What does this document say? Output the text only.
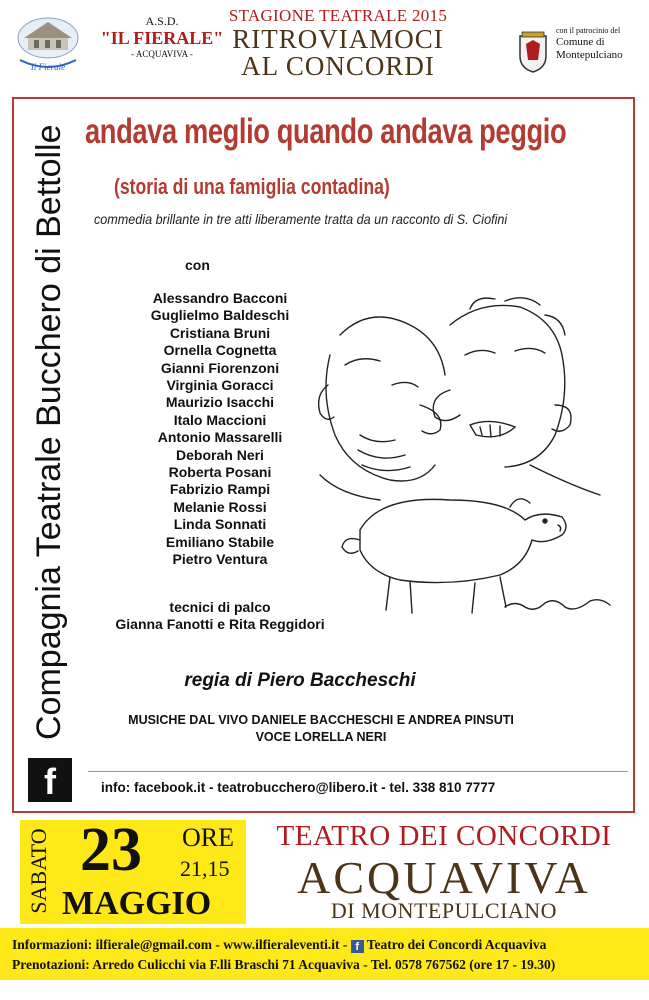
Il Fierale
A.S.D.
"IL FIERALE"
- ACQUAVIVA -
STAGIONE TEATRALE 2015
RITROVIAMOCI
AL CONCORDI
con il patrocinio del
Comune di
Montepulciano
Compagnia Teatrale Bucchero di Bettolle
f
andava meglio quando andava peggio
(storia di una famiglia contadina)
commedia brillante in tre atti liberamente tratta da un racconto di S. Ciofini
con
Alessandro Bacconi
Guglielmo Baldeschi
Cristiana Bruni
Ornella Cognetta
Gianni Fiorenzoni
Virginia Goracci
Maurizio Isacchi
Italo Maccioni
Antonio Massarelli
Deborah Neri
Roberta Posani
Fabrizio Rampi
Melanie Rossi
Linda Sonnati
Emiliano Stabile
Pietro Ventura
tecnici di palco
Gianna Fanotti e Rita Reggidori
regia di Piero Baccheschi
MUSICHE DAL VIVO DANIELE BACCHESCHI E ANDREA PINSUTI
VOCE LORELLA NERI
info: facebook.it - teatrobucchero@libero.it - tel. 338 810 7777
SABATO 23 ORE
21,15
MAGGIO
TEATRO DEI CONCORDI
ACQUAVIVA
DI MONTEPULCIANO
Informazioni: ilfierale@gmail.com - www.ilfieraleventi.it - f Teatro dei Concordi Acquaviva
Prenotazioni: Arredo Culicchi via F.lli Braschi 71 Acquaviva - Tel. 0578 767562 (ore 17 - 19.30)
